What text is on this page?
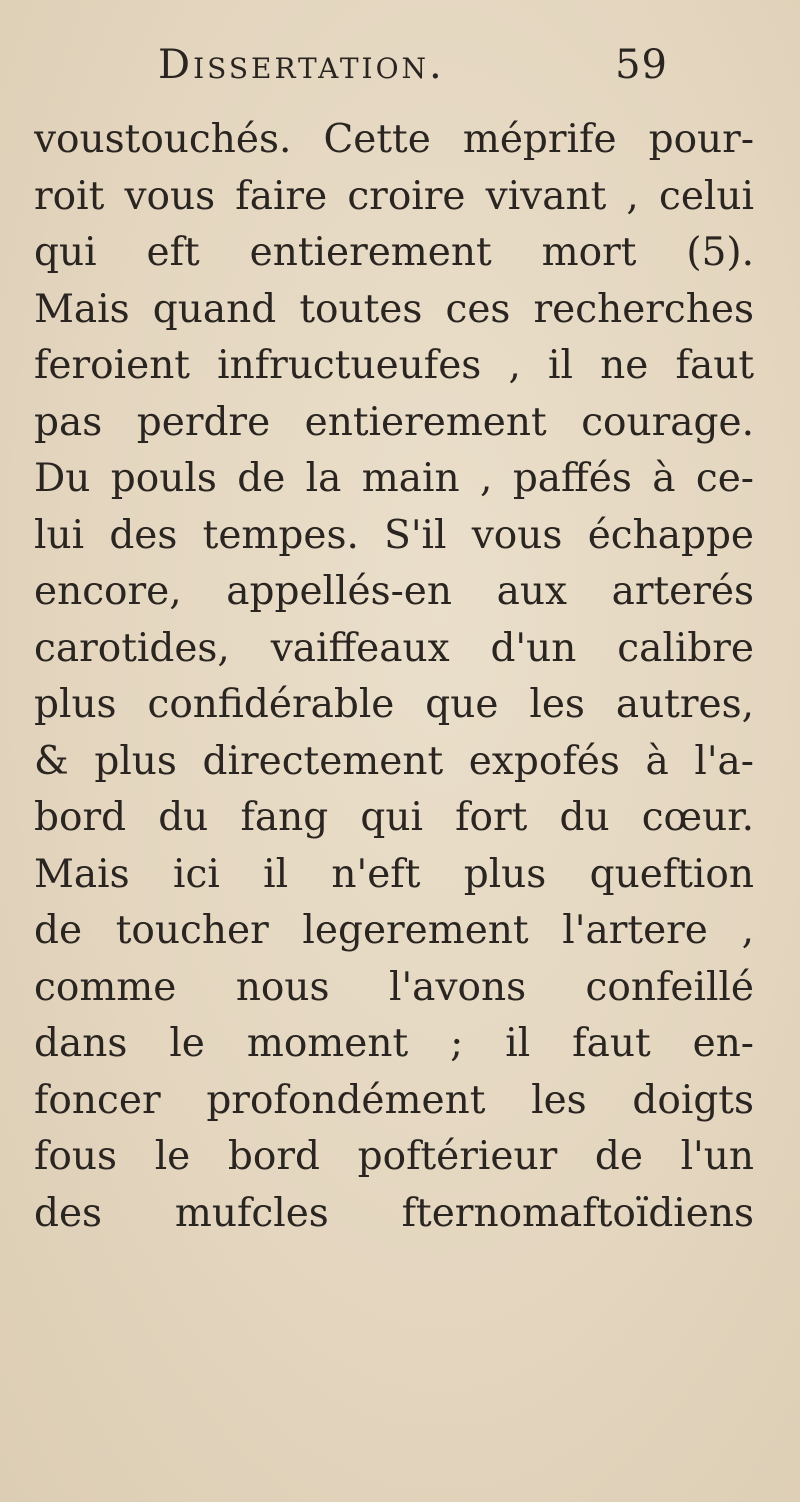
Dissertation.	59
voustouchés. Cette méprife pour-
roit vous faire croire vivant , celui
qui eft entierement mort (5).
Mais quand toutes ces recherches
feroient infructueufes , il ne faut
pas perdre entierement courage.
Du pouls de la main , paffés à ce-
lui des tempes. S'il vous échappe
encore, appellés-en aux arterés
carotides, vaiffeaux d'un calibre
plus confidérable que les autres,
& plus directement expofés à l'a-
bord du fang qui fort du cœur.
Mais ici il n'eft plus queftion
de toucher legerement l'artere ,
comme nous l'avons confeillé
dans le moment ; il faut en-
foncer profondément les doigts
fous le bord poftérieur de l'un
des mufcles fternomaftoïdiens
